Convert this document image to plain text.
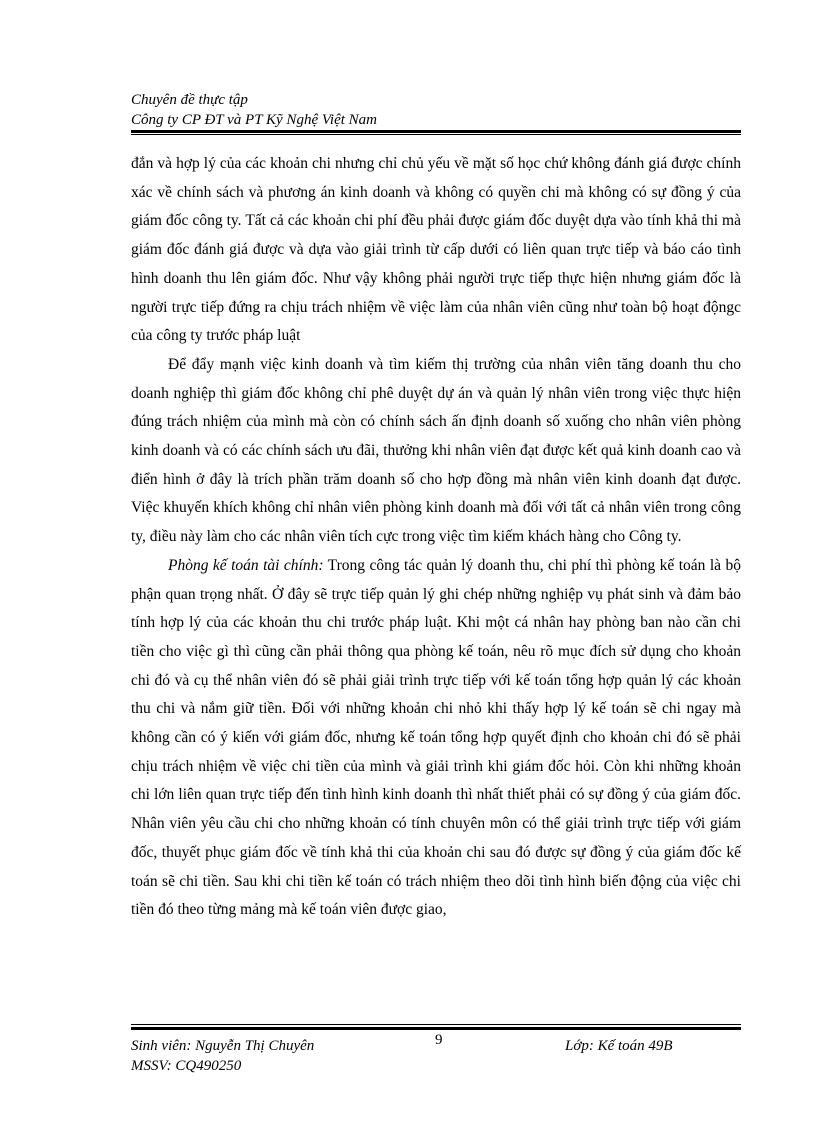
Chuyên đề thực tập
Công ty CP ĐT và PT Kỹ Nghệ Việt Nam

đắn và hợp lý của các khoản chi nhưng chỉ chủ yếu về mặt số học chứ không đánh giá được chính xác về chính sách và phương án kinh doanh và không có quyền chi mà không có sự đồng ý của giám đốc công ty. Tất cả các khoản chi phí đều phải được giám đốc duyệt dựa vào tính khả thi mà giám đốc đánh giá được và dựa vào giải trình từ cấp dưới có liên quan trực tiếp và báo cáo tình hình doanh thu lên giám đốc. Như vậy không phải người trực tiếp thực hiện nhưng giám đốc là người trực tiếp đứng ra chịu trách nhiệm về việc làm của nhân viên cũng như toàn bộ hoạt độngc của công ty trước pháp luật

Để đẩy mạnh việc kinh doanh và tìm kiếm thị trường của nhân viên tăng doanh thu cho doanh nghiệp thì giám đốc không chỉ phê duyệt dự án và quản lý nhân viên trong việc thực hiện đúng trách nhiệm của mình mà còn có chính sách ấn định doanh số xuống cho nhân viên phòng kinh doanh và có các chính sách ưu đãi, thưởng khi nhân viên đạt được kết quả kinh doanh cao và điển hình ở đây là trích phần trăm doanh số cho hợp đồng mà nhân viên kinh doanh đạt được. Việc khuyến khích không chỉ nhân viên phòng kinh doanh mà đối với tất cả nhân viên trong công ty, điều này làm cho các nhân viên tích cực trong việc tìm kiếm khách hàng cho Công ty.

Phòng kế toán tài chính: Trong công tác quản lý doanh thu, chi phí thì phòng kế toán là bộ phận quan trọng nhất. Ở đây sẽ trực tiếp quản lý ghi chép những nghiệp vụ phát sinh và đảm bảo tính hợp lý của các khoản thu chi trước pháp luật. Khi một cá nhân hay phòng ban nào cần chi tiền cho việc gì thì cũng cần phải thông qua phòng kế toán, nêu rõ mục đích sử dụng cho khoản chi đó và cụ thể nhân viên đó sẽ phải giải trình trực tiếp với kế toán tổng hợp quản lý các khoản thu chi và nắm giữ tiền. Đối với những khoản chi nhỏ khi thấy hợp lý kế toán sẽ chi ngay mà không cần có ý kiến với giám đốc, nhưng kế toán tổng hợp quyết định cho khoản chi đó sẽ phải chịu trách nhiệm về việc chi tiền của mình và giải trình khi giám đốc hỏi. Còn khi những khoản chi lớn liên quan trực tiếp đến tình hình kinh doanh thì nhất thiết phải có sự đồng ý của giám đốc. Nhân viên yêu cầu chi cho những khoản có tính chuyên môn có thể giải trình trực tiếp với giám đốc, thuyết phục giám đốc về tính khả thi của khoản chi sau đó được sự đồng ý của giám đốc kế toán sẽ chi tiền. Sau khi chi tiền kế toán có trách nhiệm theo dõi tình hình biến động của việc chi tiền đó theo từng mảng mà kế toán viên được giao,

Sinh viên: Nguyễn Thị Chuyên	9	Lớp: Kế toán 49B
MSSV: CQ490250
